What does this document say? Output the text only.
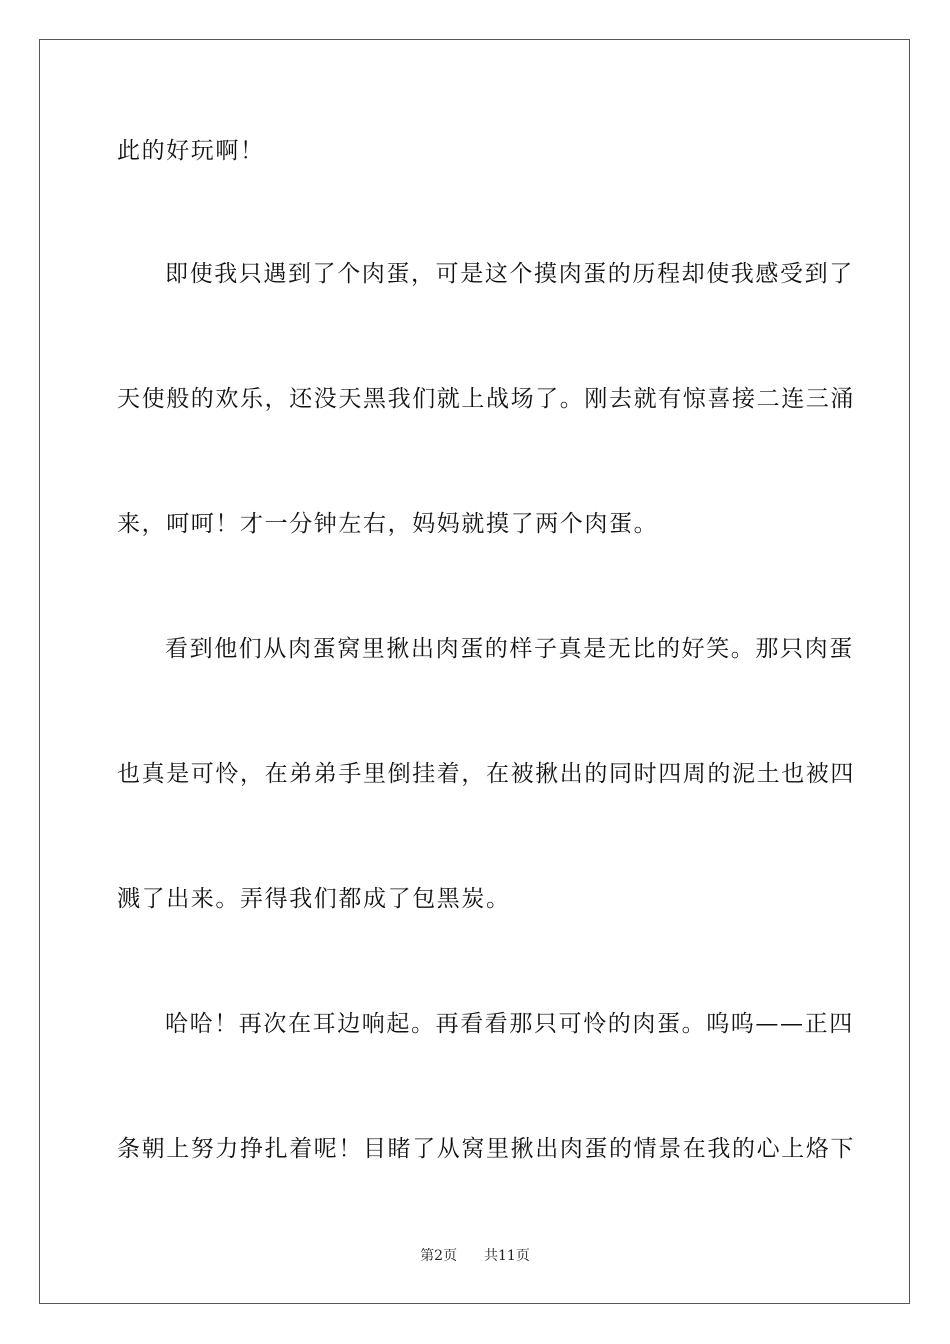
此的好玩啊！

即使我只遇到了个肉蛋，可是这个摸肉蛋的历程却使我感受到了

天使般的欢乐，还没天黑我们就上战场了。刚去就有惊喜接二连三涌

来，呵呵！才一分钟左右，妈妈就摸了两个肉蛋。

看到他们从肉蛋窝里揪出肉蛋的样子真是无比的好笑。那只肉蛋

也真是可怜，在弟弟手里倒挂着，在被揪出的同时四周的泥土也被四

溅了出来。弄得我们都成了包黑炭。

哈哈！再次在耳边响起。再看看那只可怜的肉蛋。呜呜——正四

条朝上努力挣扎着呢！目睹了从窝里揪出肉蛋的情景在我的心上烙下

第2页 共11页
